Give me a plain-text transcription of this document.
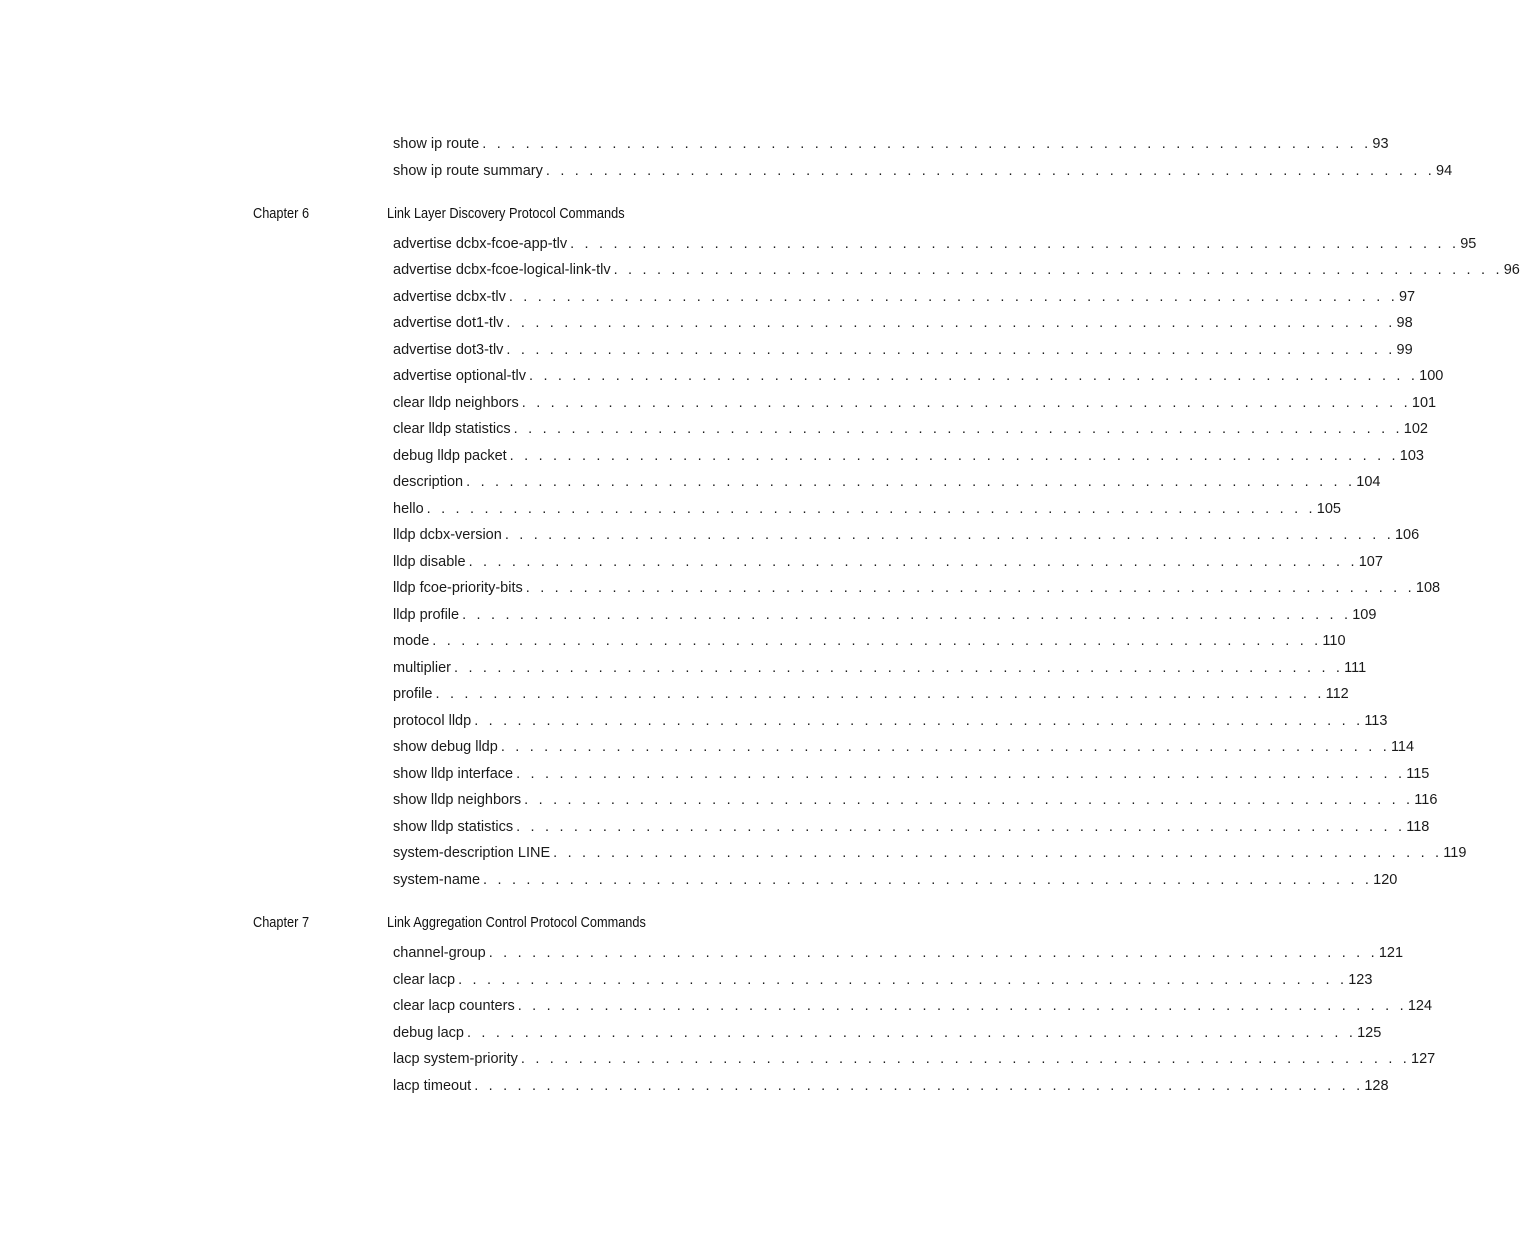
show ip route . . . . . . . . . . . . . . . . . . . . . . . . . . . . . . . . . . . . . . . . . . . . . . . . . . . . . . . . . . . . . . 93
show ip route summary . . . . . . . . . . . . . . . . . . . . . . . . . . . . . . . . . . . . . . . . . . . . . . . . . . . . . . . . . . . . . . 94
Chapter 6	Link Layer Discovery Protocol Commands
advertise dcbx-fcoe-app-tlv . . . . . . . . . . . . . . . . . . . . . . . . . . . . . . . . . . . . . . . . . . . . . . . . . . . . . . . . . . . . . . 95
advertise dcbx-fcoe-logical-link-tlv . . . . . . . . . . . . . . . . . . . . . . . . . . . . . . . . . . . . . . . . . . . . . . . . . . . . . . . . . . . . . . 96
advertise dcbx-tlv . . . . . . . . . . . . . . . . . . . . . . . . . . . . . . . . . . . . . . . . . . . . . . . . . . . . . . . . . . . . . . 97
advertise dot1-tlv . . . . . . . . . . . . . . . . . . . . . . . . . . . . . . . . . . . . . . . . . . . . . . . . . . . . . . . . . . . . . . 98
advertise dot3-tlv . . . . . . . . . . . . . . . . . . . . . . . . . . . . . . . . . . . . . . . . . . . . . . . . . . . . . . . . . . . . . . 99
advertise optional-tlv . . . . . . . . . . . . . . . . . . . . . . . . . . . . . . . . . . . . . . . . . . . . . . . . . . . . . . . . . . . . . . 100
clear lldp neighbors . . . . . . . . . . . . . . . . . . . . . . . . . . . . . . . . . . . . . . . . . . . . . . . . . . . . . . . . . . . . . . 101
clear lldp statistics . . . . . . . . . . . . . . . . . . . . . . . . . . . . . . . . . . . . . . . . . . . . . . . . . . . . . . . . . . . . . . 102
debug lldp packet . . . . . . . . . . . . . . . . . . . . . . . . . . . . . . . . . . . . . . . . . . . . . . . . . . . . . . . . . . . . . . 103
description . . . . . . . . . . . . . . . . . . . . . . . . . . . . . . . . . . . . . . . . . . . . . . . . . . . . . . . . . . . . . . 104
hello . . . . . . . . . . . . . . . . . . . . . . . . . . . . . . . . . . . . . . . . . . . . . . . . . . . . . . . . . . . . . . 105
lldp dcbx-version . . . . . . . . . . . . . . . . . . . . . . . . . . . . . . . . . . . . . . . . . . . . . . . . . . . . . . . . . . . . . . 106
lldp disable . . . . . . . . . . . . . . . . . . . . . . . . . . . . . . . . . . . . . . . . . . . . . . . . . . . . . . . . . . . . . . 107
lldp fcoe-priority-bits . . . . . . . . . . . . . . . . . . . . . . . . . . . . . . . . . . . . . . . . . . . . . . . . . . . . . . . . . . . . . . 108
lldp profile . . . . . . . . . . . . . . . . . . . . . . . . . . . . . . . . . . . . . . . . . . . . . . . . . . . . . . . . . . . . . . 109
mode . . . . . . . . . . . . . . . . . . . . . . . . . . . . . . . . . . . . . . . . . . . . . . . . . . . . . . . . . . . . . . 110
multiplier . . . . . . . . . . . . . . . . . . . . . . . . . . . . . . . . . . . . . . . . . . . . . . . . . . . . . . . . . . . . . . 111
profile . . . . . . . . . . . . . . . . . . . . . . . . . . . . . . . . . . . . . . . . . . . . . . . . . . . . . . . . . . . . . . 112
protocol lldp . . . . . . . . . . . . . . . . . . . . . . . . . . . . . . . . . . . . . . . . . . . . . . . . . . . . . . . . . . . . . . 113
show debug lldp . . . . . . . . . . . . . . . . . . . . . . . . . . . . . . . . . . . . . . . . . . . . . . . . . . . . . . . . . . . . . . 114
show lldp interface . . . . . . . . . . . . . . . . . . . . . . . . . . . . . . . . . . . . . . . . . . . . . . . . . . . . . . . . . . . . . . 115
show lldp neighbors . . . . . . . . . . . . . . . . . . . . . . . . . . . . . . . . . . . . . . . . . . . . . . . . . . . . . . . . . . . . . . 116
show lldp statistics . . . . . . . . . . . . . . . . . . . . . . . . . . . . . . . . . . . . . . . . . . . . . . . . . . . . . . . . . . . . . . 118
system-description LINE . . . . . . . . . . . . . . . . . . . . . . . . . . . . . . . . . . . . . . . . . . . . . . . . . . . . . . . . . . . . . . 119
system-name . . . . . . . . . . . . . . . . . . . . . . . . . . . . . . . . . . . . . . . . . . . . . . . . . . . . . . . . . . . . . . 120
Chapter 7	Link Aggregation Control Protocol Commands
channel-group . . . . . . . . . . . . . . . . . . . . . . . . . . . . . . . . . . . . . . . . . . . . . . . . . . . . . . . . . . . . . . 121
clear lacp . . . . . . . . . . . . . . . . . . . . . . . . . . . . . . . . . . . . . . . . . . . . . . . . . . . . . . . . . . . . . . 123
clear lacp counters . . . . . . . . . . . . . . . . . . . . . . . . . . . . . . . . . . . . . . . . . . . . . . . . . . . . . . . . . . . . . . 124
debug lacp . . . . . . . . . . . . . . . . . . . . . . . . . . . . . . . . . . . . . . . . . . . . . . . . . . . . . . . . . . . . . . 125
lacp system-priority . . . . . . . . . . . . . . . . . . . . . . . . . . . . . . . . . . . . . . . . . . . . . . . . . . . . . . . . . . . . . . 127
lacp timeout . . . . . . . . . . . . . . . . . . . . . . . . . . . . . . . . . . . . . . . . . . . . . . . . . . . . . . . . . . . . . . 128
